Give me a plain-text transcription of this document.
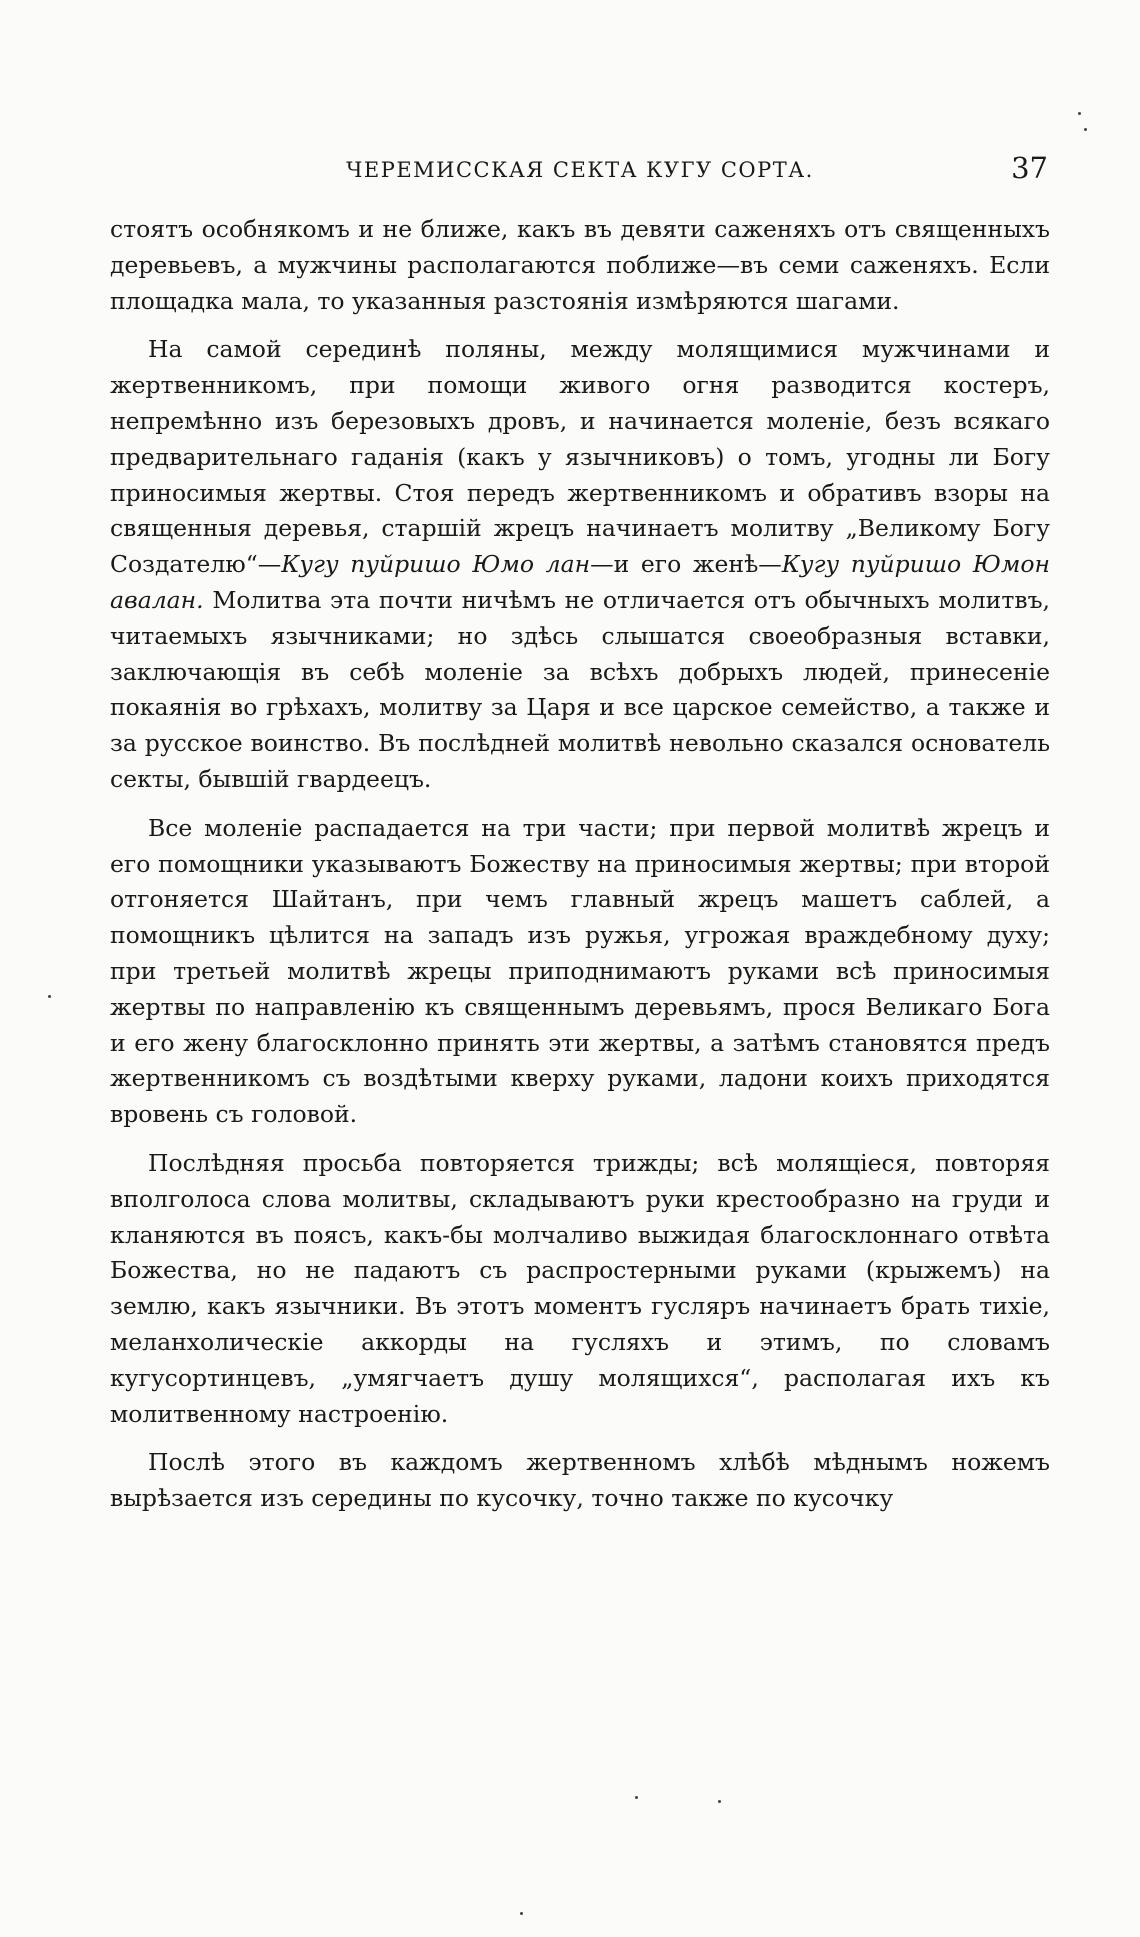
ЧЕРЕМИССКАЯ СЕКТА КУГУ СОРТА.	37

стоятъ особнякомъ и не ближе, какъ въ девяти саженяхъ отъ священныхъ деревьевъ, а мужчины располагаются поближе—въ семи саженяхъ. Если площадка мала, то указанныя разстоянія измѣряются шагами.

На самой серединѣ поляны, между молящимися мужчинами и жертвенникомъ, при помощи живого огня разводится костеръ, непремѣнно изъ березовыхъ дровъ, и начинается моленіе, безъ всякаго предварительнаго гаданія (какъ у язычниковъ) о томъ, угодны ли Богу приносимыя жертвы. Стоя передъ жертвенникомъ и обративъ взоры на священныя деревья, старшій жрецъ начинаетъ молитву „Великому Богу Создателю“—Кугу пуйришо Юмо лан—и его женѣ—Кугу пуйришо Юмон авалан. Молитва эта почти ничѣмъ не отличается отъ обычныхъ молитвъ, читаемыхъ язычниками; но здѣсь слышатся своеобразныя вставки, заключающія въ себѣ моленіе за всѣхъ добрыхъ людей, принесеніе покаянія во грѣхахъ, молитву за Царя и все царское семейство, а также и за русское воинство. Въ послѣдней молитвѣ невольно сказался основатель секты, бывшій гвардеецъ.

Все моленіе распадается на три части; при первой молитвѣ жрецъ и его помощники указываютъ Божеству на приносимыя жертвы; при второй отгоняется Шайтанъ, при чемъ главный жрецъ машетъ саблей, а помощникъ цѣлится на западъ изъ ружья, угрожая враждебному духу; при третьей молитвѣ жрецы приподнимаютъ руками всѣ приносимыя жертвы по направленію къ священнымъ деревьямъ, прося Великаго Бога и его жену благосклонно принять эти жертвы, а затѣмъ становятся предъ жертвенникомъ съ воздѣтыми кверху руками, ладони коихъ приходятся вровень съ головой.

Послѣдняя просьба повторяется трижды; всѣ молящіеся, повторяя вполголоса слова молитвы, складываютъ руки крестообразно на груди и кланяются въ поясъ, какъ-бы молчаливо выжидая благосклоннаго отвѣта Божества, но не падаютъ съ распростерными руками (крыжемъ) на землю, какъ язычники. Въ этотъ моментъ гусляръ начинаетъ брать тихіе, меланхолическіе аккорды на гусляхъ и этимъ, по словамъ кугусортинцевъ, „умягчаетъ душу молящихся“, располагая ихъ къ молитвенному настроенію.

Послѣ этого въ каждомъ жертвенномъ хлѣбѣ мѣднымъ ножемъ вырѣзается изъ середины по кусочку, точно также по кусочку
